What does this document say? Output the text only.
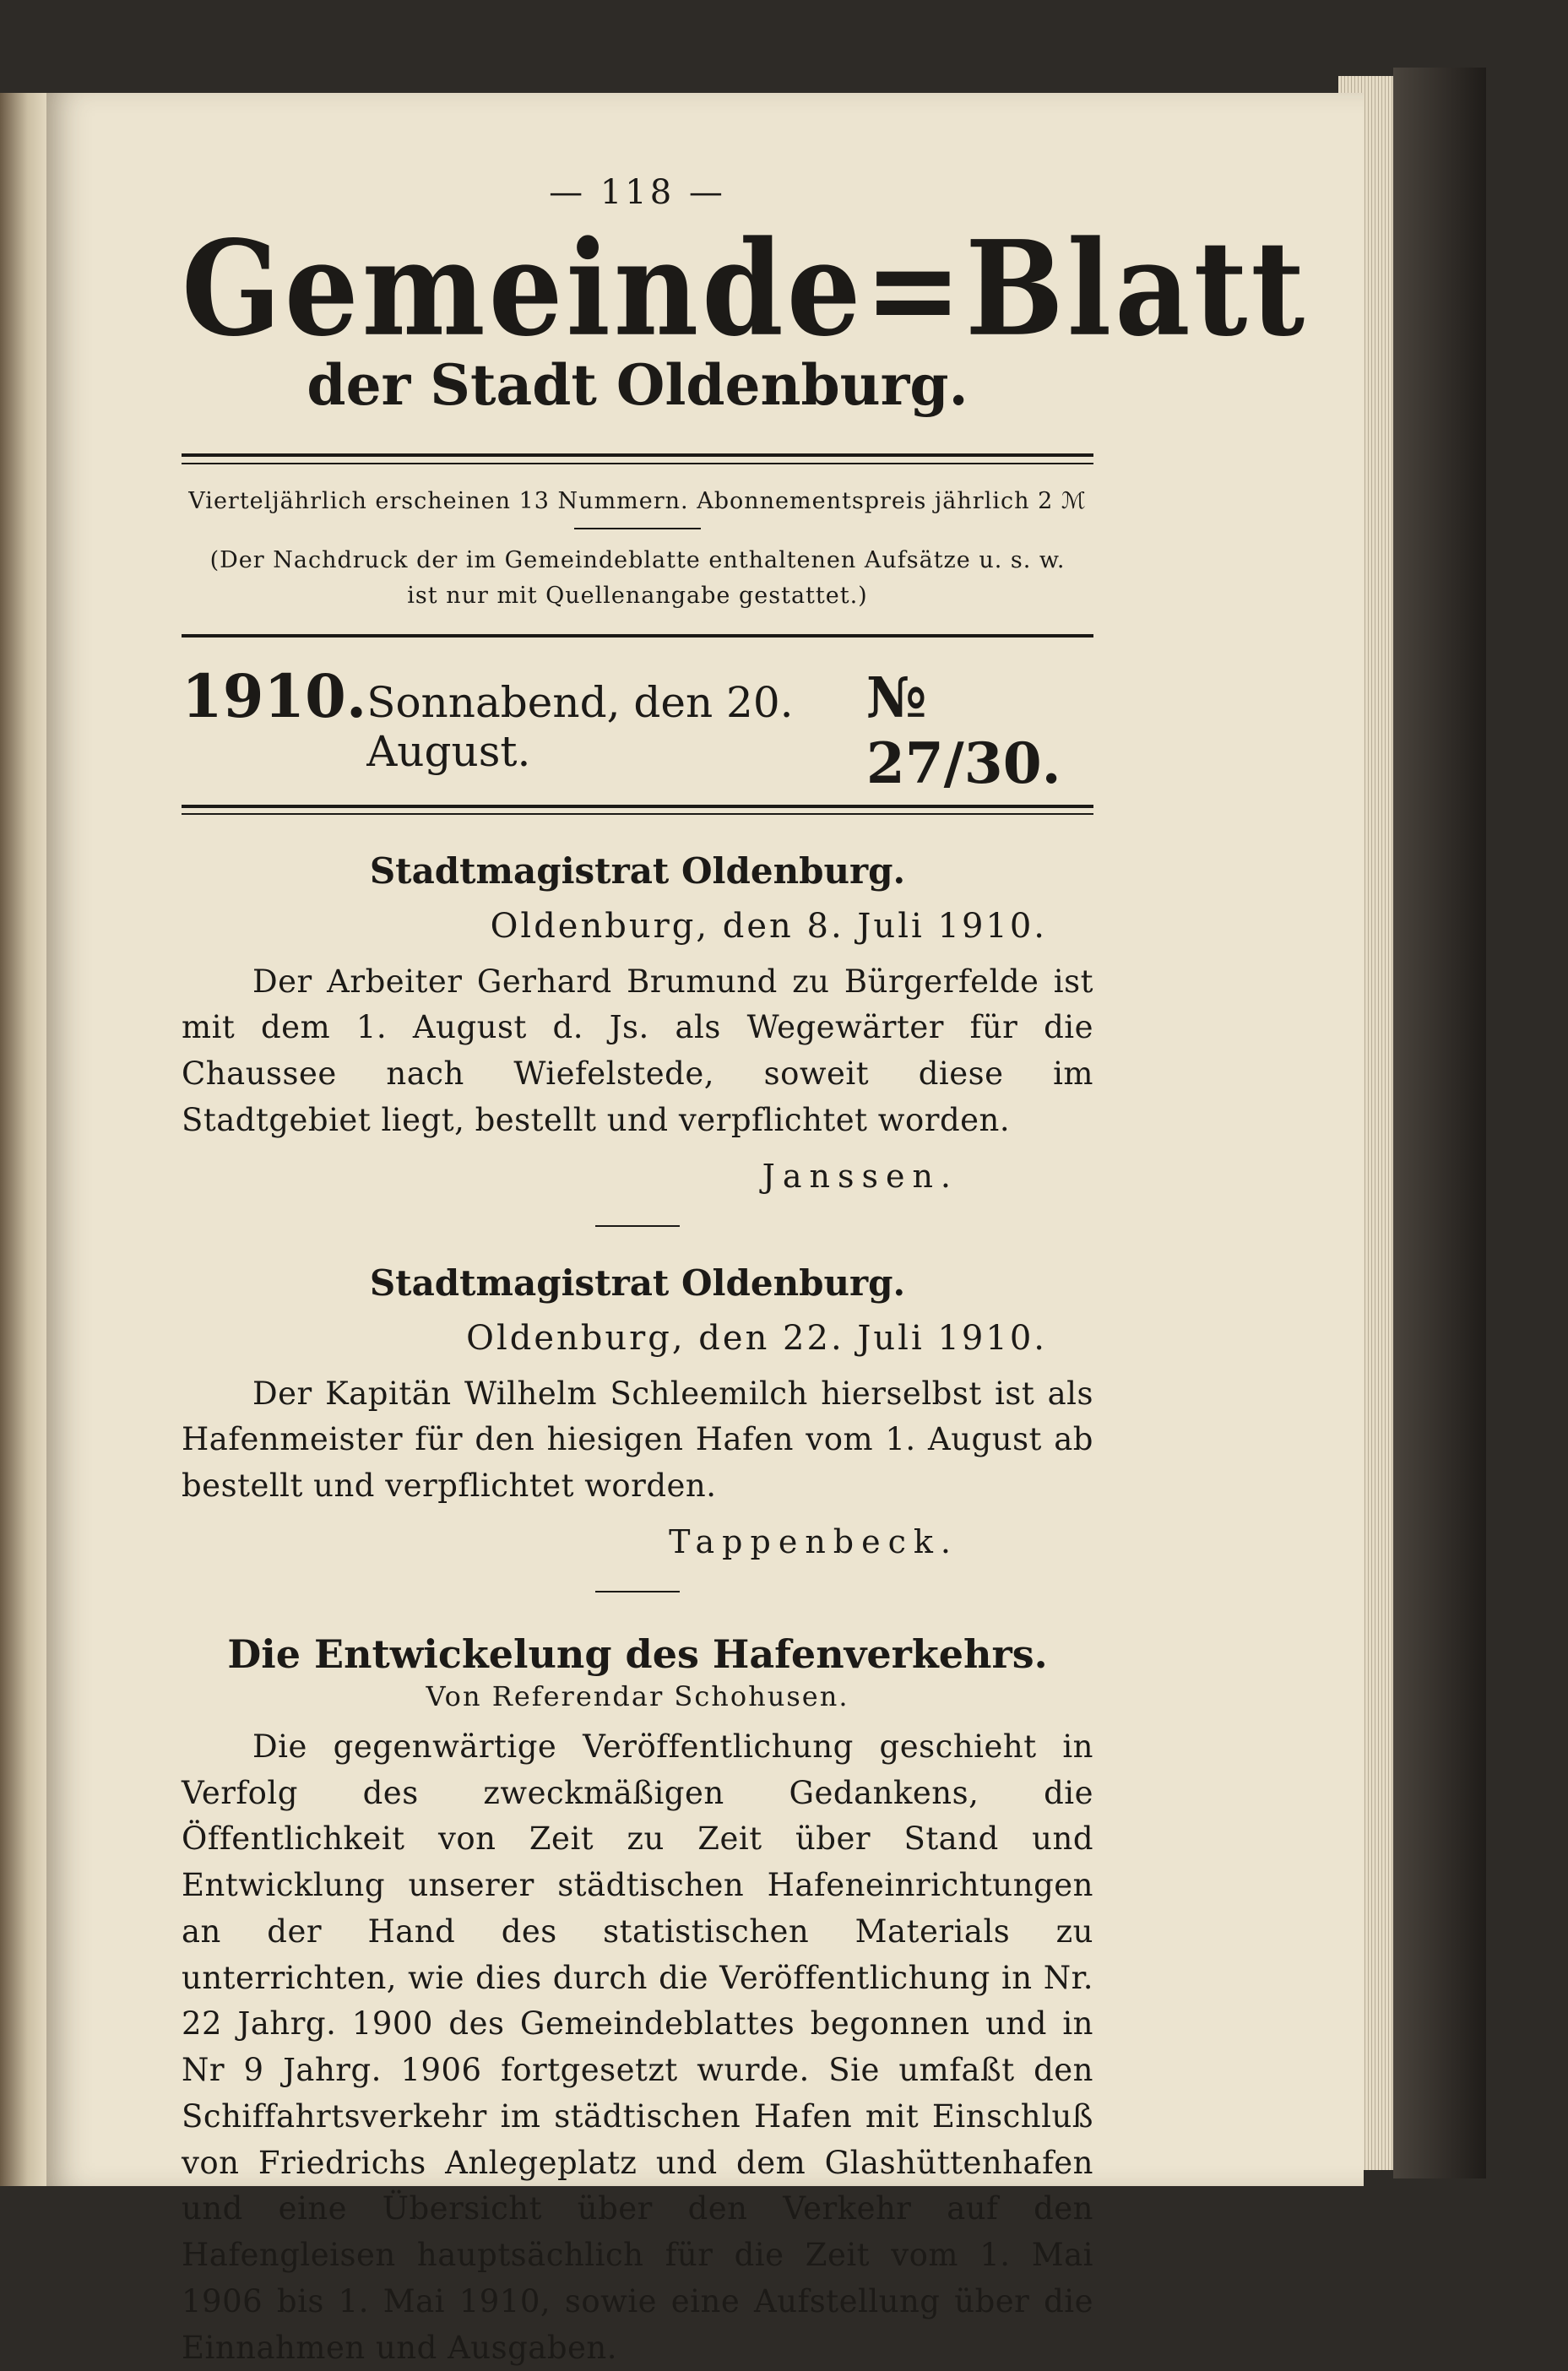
— 118 —
Gemeinde=Blatt
der Stadt Oldenburg.
Vierteljährlich erscheinen 13 Nummern. Abonnementspreis jährlich 2 ℳ
(Der Nachdruck der im Gemeindeblatte enthaltenen Aufsätze u. s. w.
ist nur mit Quellenangabe gestattet.)
1910. Sonnabend, den 20. August.
№ 27/30.
Stadtmagistrat Oldenburg.
Oldenburg, den 8. Juli 1910.
Der Arbeiter Gerhard Brumund zu Bürgerfelde ist mit dem 1. August d. Js. als Wegewärter für die Chaussee nach Wiefelstede, soweit diese im Stadtgebiet liegt, bestellt und verpflichtet worden.
Janssen.
Stadtmagistrat Oldenburg.
Oldenburg, den 22. Juli 1910.
Der Kapitän Wilhelm Schleemilch hierselbst ist als Hafenmeister für den hiesigen Hafen vom 1. August ab bestellt und verpflichtet worden.
Tappenbeck.
Die Entwickelung des Hafenverkehrs.
Von Referendar Schohusen.
Die gegenwärtige Veröffentlichung geschieht in Verfolg des zweckmäßigen Gedankens, die Öffentlichkeit von Zeit zu Zeit über Stand und Entwicklung unserer städtischen Hafeneinrichtungen an der Hand des statistischen Materials zu unterrichten, wie dies durch die Veröffentlichung in Nr. 22 Jahrg. 1900 des Gemeindeblattes begonnen und in Nr 9 Jahrg. 1906 fortgesetzt wurde. Sie umfaßt den Schiffahrtsverkehr im städtischen Hafen mit Einschluß von Friedrichs Anlegeplatz und dem Glashüttenhafen und eine Übersicht über den Verkehr auf den Hafengleisen hauptsächlich für die Zeit vom 1. Mai 1906 bis 1. Mai 1910, sowie eine Aufstellung über die Einnahmen und Ausgaben.
